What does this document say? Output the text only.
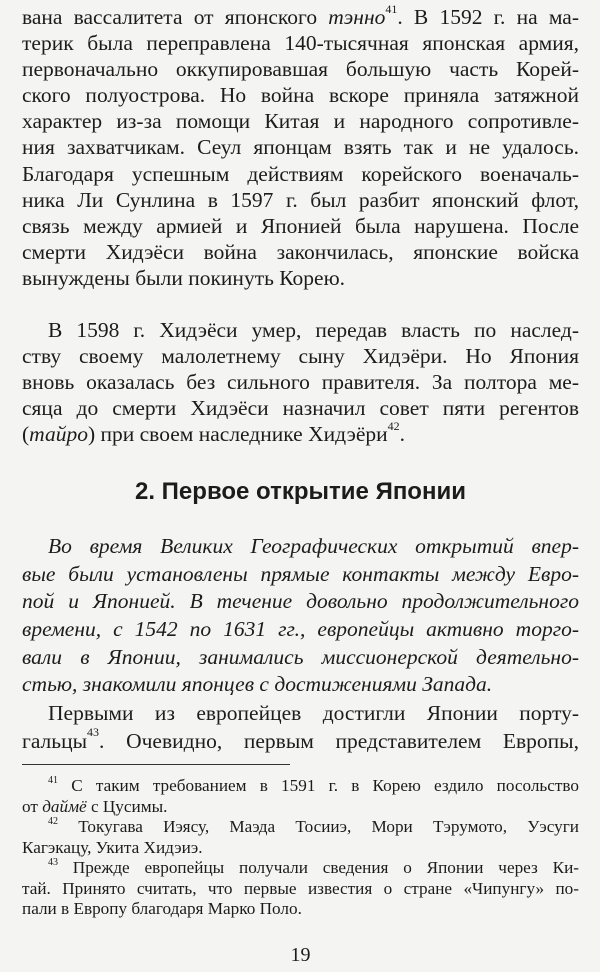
вана вассалитета от японского тэнно$^{41}$. В 1592 г. на ма-
терик была переправлена 140-тысячная японская армия,
первоначально оккупировавшая большую часть Корей-
ского полуострова. Но война вскоре приняла затяжной
характер из-за помощи Китая и народного сопротивле-
ния захватчикам. Сеул японцам взять так и не удалось.
Благодаря успешным действиям корейского военачаль-
ника Ли Сунлина в 1597 г. был разбит японский флот,
связь между армией и Японией была нарушена. После
смерти Хидэёси война закончилась, японские войска
вынуждены были покинуть Корею.
В 1598 г. Хидэёси умер, передав власть по наслед-
ству своему малолетнему сыну Хидэёри. Но Япония
вновь оказалась без сильного правителя. За полтора ме-
сяца до смерти Хидэёси назначил совет пяти регентов
(тайро) при своем наследнике Хидэёри$^{42}$.
2. Первое открытие Японии
Во время Великих Географических открытий впер-
вые были установлены прямые контакты между Евро-
пой и Японией. В течение довольно продолжительного
времени, с 1542 по 1631 гг., европейцы активно торго-
вали в Японии, занимались миссионерской деятельно-
стью, знакомили японцев с достижениями Запада.
Первыми из европейцев достигли Японии порту-
гальцы$^{43}$. Очевидно, первым представителем Европы,
$^{41}$ С таким требованием в 1591 г. в Корею ездило посольство
от даймё с Цусимы.
$^{42}$ Токугава Иэясу, Маэда Тосииэ, Мори Тэрумото, Уэсуги
Кагэкацу, Укита Хидэиэ.
$^{43}$ Прежде европейцы получали сведения о Японии через Ки-
тай. Принято считать, что первые известия о стране «Чипунгу» по-
пали в Европу благодаря Марко Поло.
19
